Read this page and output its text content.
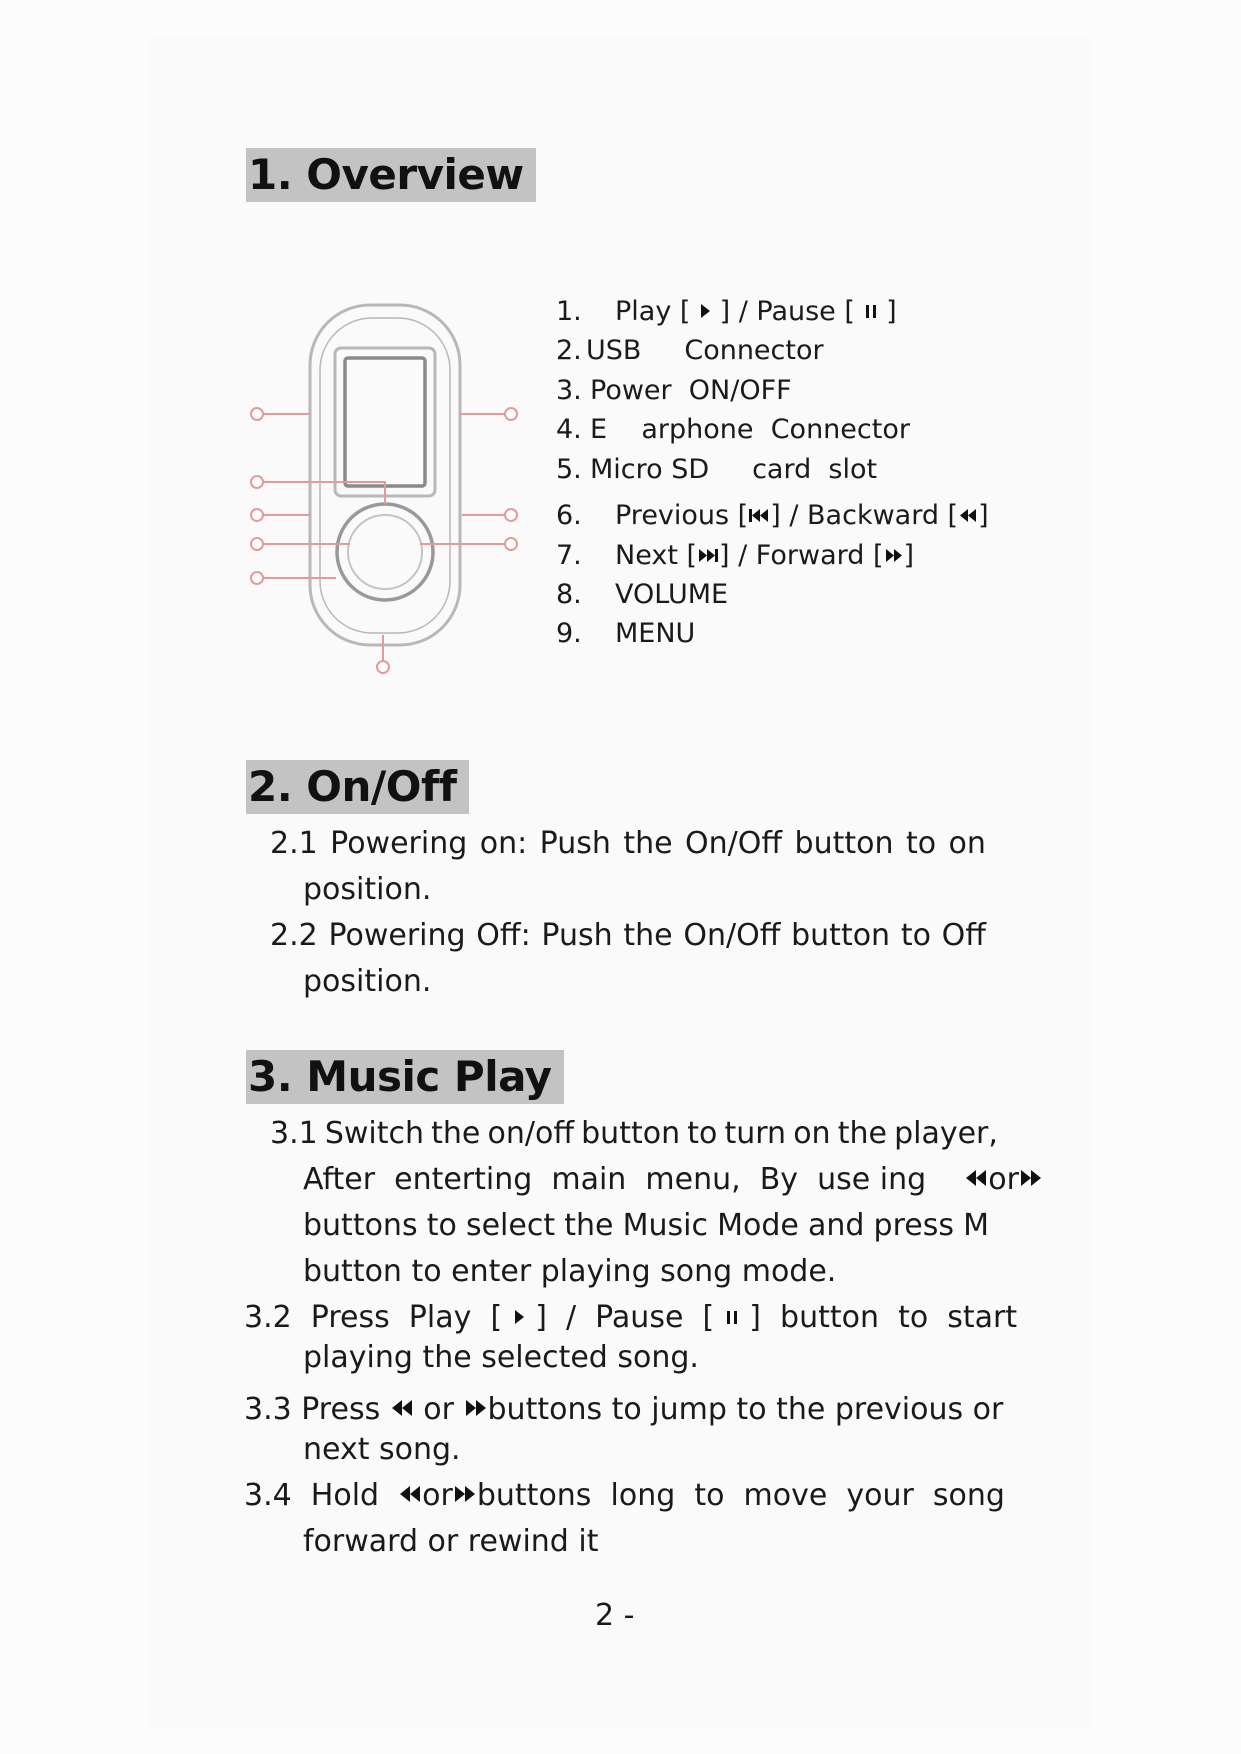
1. Overview
1. Play [  ] / Pause [  ]
2. USB     Connector
3. Power  ON/OFF
4. E    arphone  Connector
5. Micro SD     card  slot
6. Previous [ ] / Backward [ ]
7. Next [ ] / Forward [ ]
8. VOLUME
9. MENU
2. On/Off
2.1 Powering on: Push the On/Off button to on
position.
2.2 Powering Off: Push the On/Off button to Off
position.
3. Music Play
3.1 Switch the on/off button to turn on the player,
After  enterting  main  menu,  By  use ing    or
buttons to select the Music Mode and press M
button to enter playing song mode.
3.2  Press  Play  [  ]  /  Pause  [  ]  button  to  start
playing the selected song.
3.3 Press  or buttons to jump to the previous or
next song.
3.4  Hold  or buttons  long  to  move  your  song
forward or rewind it
2 -
